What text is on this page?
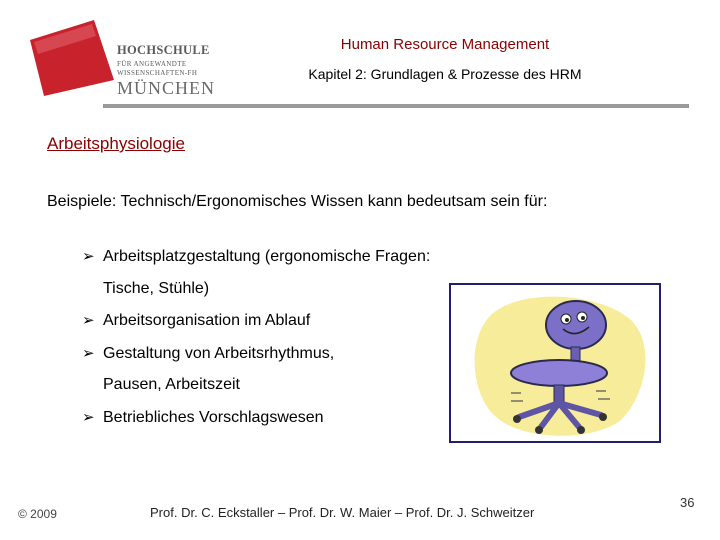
HOCHSCHULE
FÜR ANGEWANDTE
WISSENSCHAFTEN-FH
MÜNCHEN
Human Resource Management
Kapitel 2: Grundlagen & Prozesse des HRM
Arbeitsphysiologie
Beispiele: Technisch/Ergonomisches Wissen kann bedeutsam sein für:
➢ Arbeitsplatzgestaltung (ergonomische Fragen:
Tische, Stühle)
➢ Arbeitsorganisation im Ablauf
➢ Gestaltung von Arbeitsrhythmus,
Pausen, Arbeitszeit
➢ Betriebliches Vorschlagswesen
© 2009	Prof. Dr. C. Eckstaller – Prof. Dr. W. Maier – Prof. Dr. J. Schweitzer
36
